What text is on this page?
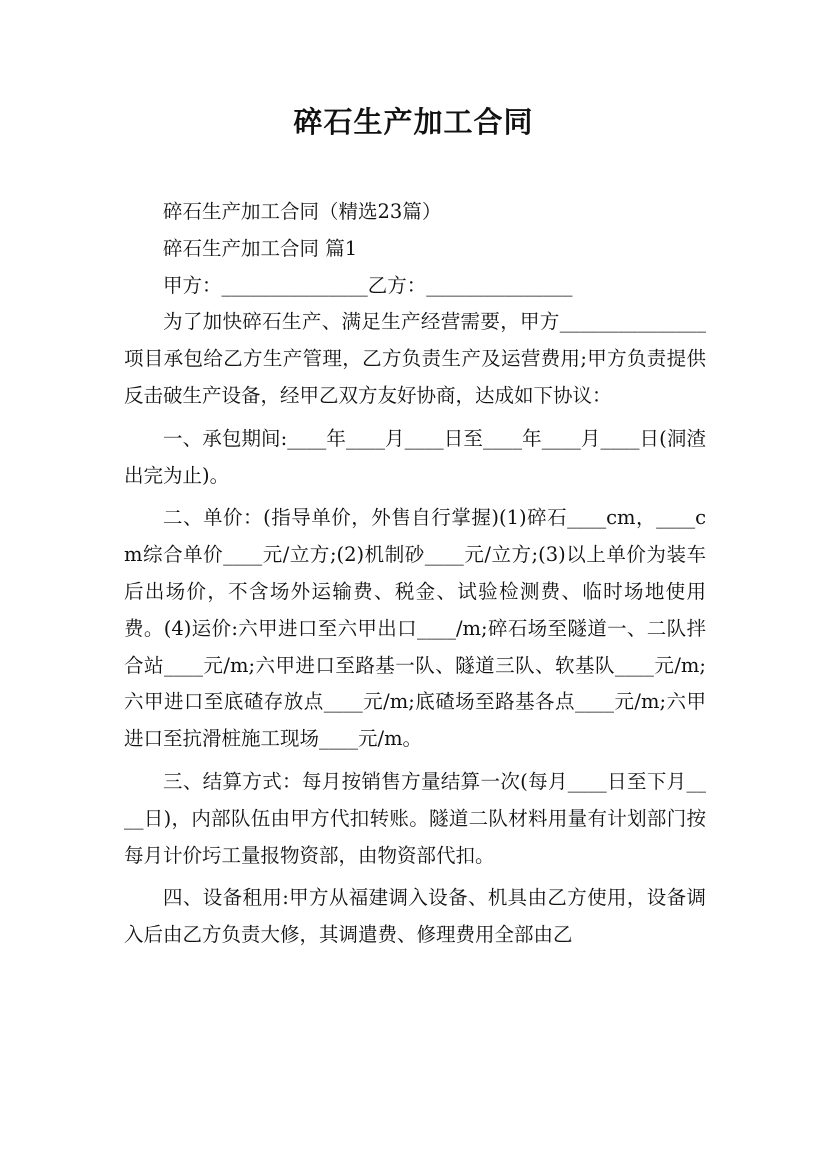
碎石生产加工合同

碎石生产加工合同（精选23篇）

碎石生产加工合同 篇1

甲方：_______________乙方：_______________

为了加快碎石生产、满足生产经营需要，甲方_______________项目承包给乙方生产管理，乙方负责生产及运营费用;甲方负责提供反击破生产设备，经甲乙双方友好协商，达成如下协议：

一、承包期间:____年____月____日至____年____月____日(洞渣出完为止)。

二、单价：(指导单价，外售自行掌握)(1)碎石____cm，____cm综合单价____元/立方;(2)机制砂____元/立方;(3)以上单价为装车后出场价，不含场外运输费、税金、试验检测费、临时场地使用费。(4)运价:六甲进口至六甲出口____/m;碎石场至隧道一、二队拌合站____元/m;六甲进口至路基一队、隧道三队、软基队____元/m;六甲进口至底碴存放点____元/m;底碴场至路基各点____元/m;六甲进口至抗滑桩施工现场____元/m。

三、结算方式：每月按销售方量结算一次(每月____日至下月____日)，内部队伍由甲方代扣转账。隧道二队材料用量有计划部门按每月计价圬工量报物资部，由物资部代扣。

四、设备租用:甲方从福建调入设备、机具由乙方使用，设备调入后由乙方负责大修，其调遣费、修理费用全部由乙
